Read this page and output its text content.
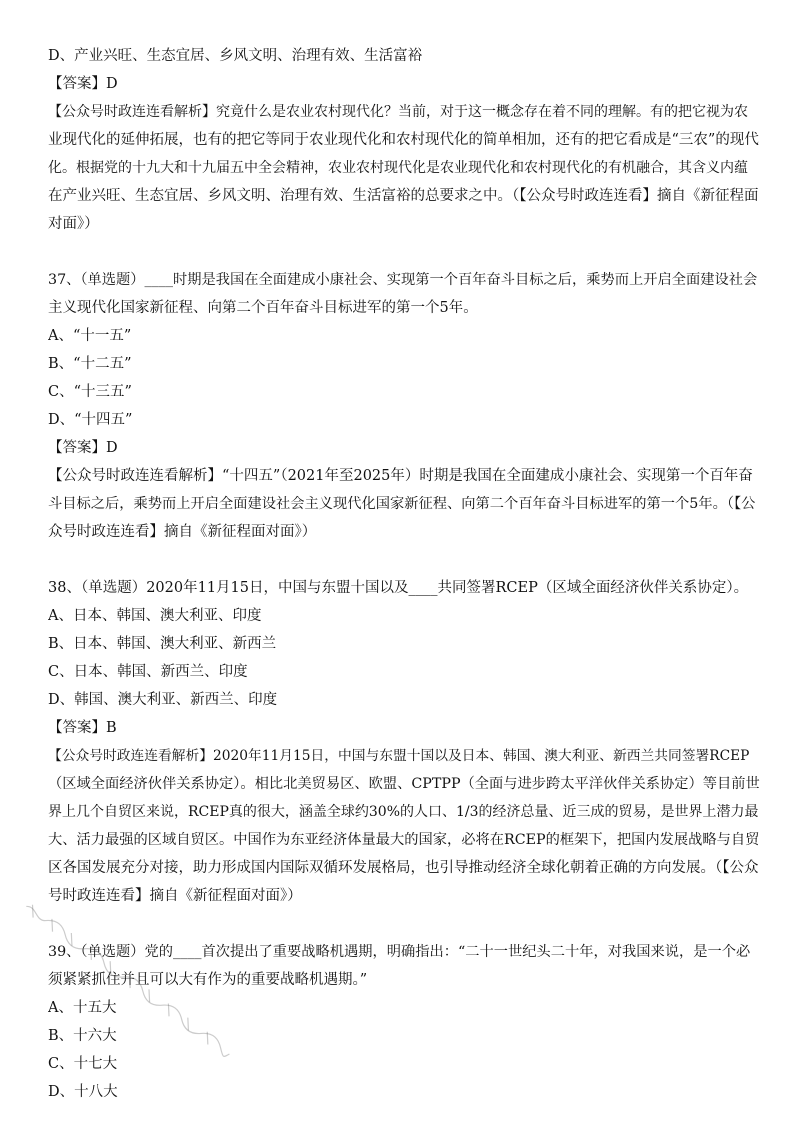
D、产业兴旺、生态宜居、乡风文明、治理有效、生活富裕
【答案】D
【公众号时政连连看解析】究竟什么是农业农村现代化？当前，对于这一概念存在着不同的理解。有的把它视为农
业现代化的延伸拓展，也有的把它等同于农业现代化和农村现代化的简单相加，还有的把它看成是“三农”的现代
化。根据党的十九大和十九届五中全会精神，农业农村现代化是农业现代化和农村现代化的有机融合，其含义内蕴
在产业兴旺、生态宜居、乡风文明、治理有效、生活富裕的总要求之中。（【公众号时政连连看】摘自《新征程面
对面》）
37、（单选题）____时期是我国在全面建成小康社会、实现第一个百年奋斗目标之后，乘势而上开启全面建设社会
主义现代化国家新征程、向第二个百年奋斗目标进军的第一个5年。
A、“十一五”
B、“十二五”
C、“十三五”
D、“十四五”
【答案】D
【公众号时政连连看解析】“十四五”（2021年至2025年）时期是我国在全面建成小康社会、实现第一个百年奋
斗目标之后，乘势而上开启全面建设社会主义现代化国家新征程、向第二个百年奋斗目标进军的第一个5年。（【公
众号时政连连看】摘自《新征程面对面》）
38、（单选题）2020年11月15日，中国与东盟十国以及____共同签署RCEP（区域全面经济伙伴关系协定）。
A、日本、韩国、澳大利亚、印度
B、日本、韩国、澳大利亚、新西兰
C、日本、韩国、新西兰、印度
D、韩国、澳大利亚、新西兰、印度
【答案】B
【公众号时政连连看解析】2020年11月15日，中国与东盟十国以及日本、韩国、澳大利亚、新西兰共同签署RCEP
（区域全面经济伙伴关系协定）。相比北美贸易区、欧盟、CPTPP（全面与进步跨太平洋伙伴关系协定）等目前世
界上几个自贸区来说，RCEP真的很大，涵盖全球约30%的人口、1/3的经济总量、近三成的贸易，是世界上潜力最
大、活力最强的区域自贸区。中国作为东亚经济体量最大的国家，必将在RCEP的框架下，把国内发展战略与自贸
区各国发展充分对接，助力形成国内国际双循环发展格局，也引导推动经济全球化朝着正确的方向发展。（【公众
号时政连连看】摘自《新征程面对面》）
39、（单选题）党的____首次提出了重要战略机遇期，明确指出：“二十一世纪头二十年，对我国来说，是一个必
须紧紧抓住并且可以大有作为的重要战略机遇期。”
A、十五大
B、十六大
C、十七大
D、十八大
